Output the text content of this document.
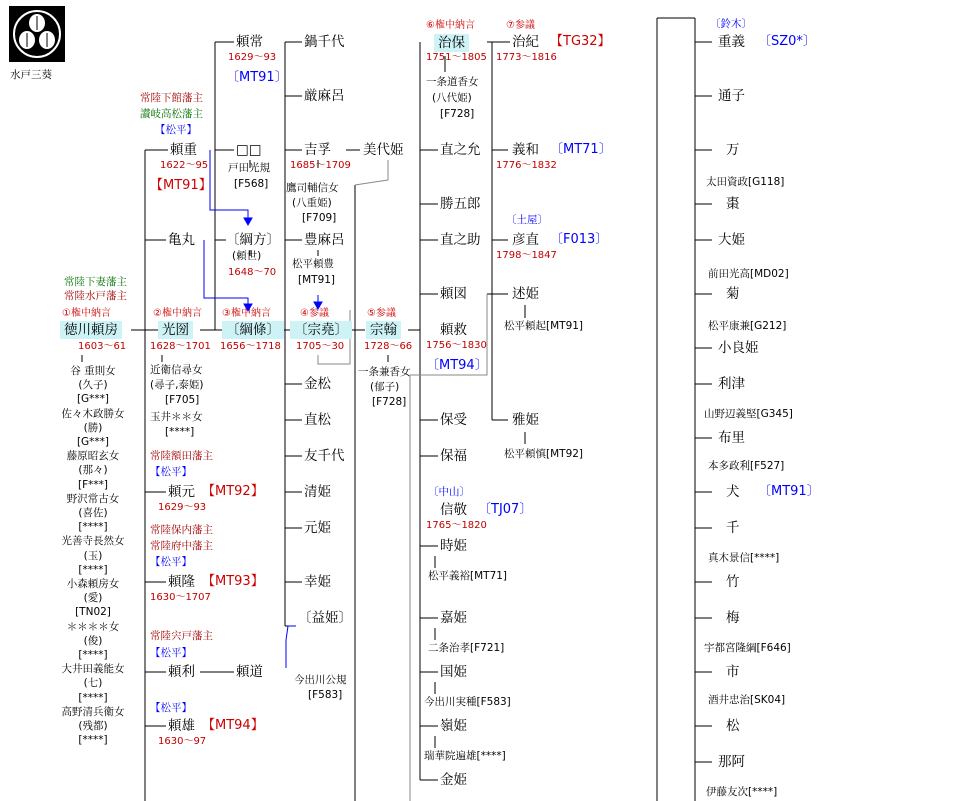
水戸三葵
常陸下妻藩主
常陸水戸藩主
①権中納言
徳川頼房
1603～61
谷 重則女
(久子)
[G***]
佐々木政勝女
(勝)
[G***]
藤原昭玄女
(那々)
[F***]
野沢常古女
(喜佐)
[****]
光善寺長然女
(玉)
[****]
小森頼房女
(愛)
[TN02]
＊＊＊＊女
(俊)
[****]
大井田義能女
(七)
[****]
高野清兵衛女
(残都)
[****]
常陸下館藩主
讃岐高松藩主
【松平】
頼重
1622～95
【MT91】
亀丸
②権中納言
光圀
1628～1701
近衛信尋女
(尋子,泰姫)
[F705]
玉井＊＊女
[****]
常陸額田藩主
【松平】
頼元 【MT92】
1629～93
常陸保内藩主
常陸府中藩主
【松平】
頼隆 【MT93】
1630～1707
常陸宍戸藩主
【松平】
頼利	頼道
【松平】
頼雄 【MT94】
1630～97
頼常
1629～93
〔MT91〕
□□
戸田光規
[F568]
〔綱方〕
(頼世)
1648～70
③権中納言
〔綱條〕
1656～1718
鍋千代
厳麻呂
吉孚
1685～1709
鷹司輔信女
(八重姫)
[F709]
美代姫
豊麻呂
松平頼豊
[MT91]
④参議
〔宗堯〕
1705～30
金松
直松
友千代
清姫
元姫
幸姫
〔益姫〕
今出川公規
[F583]
⑤参議
宗翰
1728～66
一条兼香女
(郁子)
[F728]
⑥権中納言
治保
1751～1805
一条道香女
(八代姫)
[F728]
直之允
勝五郎
直之助
頼図
頼救
1756～1830
〔MT94〕
保受
保福
〔中山〕
信敬 〔TJ07〕
1765～1820
時姫
松平義裕[MT71]
嘉姫
二条治孝[F721]
国姫
今出川実種[F583]
嶺姫
瑞華院遍雄[****]
金姫
⑦参議
治紀 【TG32】
1773～1816
義和 〔MT71〕
1776～1832
〔土屋〕
彦直 〔F013〕
1798～1847
述姫
松平頼起[MT91]
雅姫
松平頼慎[MT92]
〔鈴木〕
重義 〔SZ0*〕
通子
万
太田資政[G118]
棗
大姫
前田光高[MD02]
菊
松平康兼[G212]
小良姫
利津
山野辺義堅[G345]
布里
本多政利[F527]
犬 〔MT91〕
千
真木景信[****]
竹
梅
宇都宮隆綱[F646]
市
酒井忠治[SK04]
松
那阿
伊藤友次[****]
